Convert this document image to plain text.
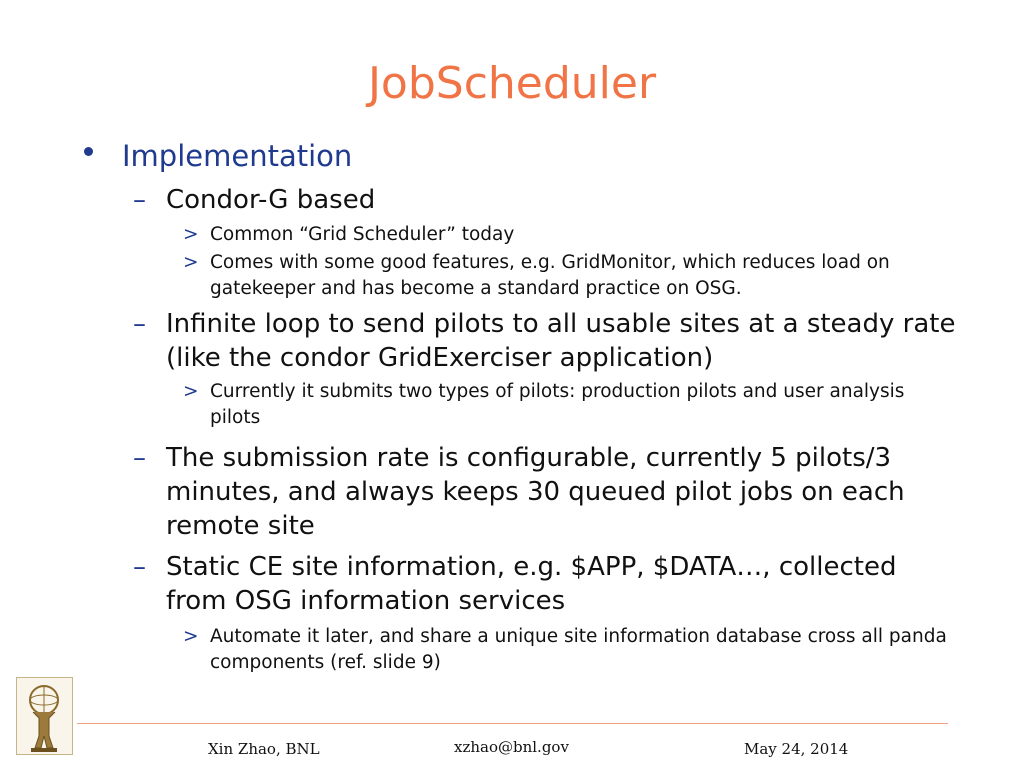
JobScheduler
Implementation
– Condor-G based
> Common “Grid Scheduler” today
> Comes with some good features, e.g. GridMonitor, which reduces load on gatekeeper and has become a standard practice on OSG.
– Infinite loop to send pilots to all usable sites at a steady rate (like the condor GridExerciser application)
> Currently it submits two types of pilots: production pilots and user analysis pilots
– The submission rate is configurable, currently 5 pilots/3 minutes, and always keeps 30 queued pilot jobs on each remote site
– Static CE site information, e.g. $APP, $DATA…, collected from OSG information services
> Automate it later, and share a unique site information database cross all panda components (ref. slide 9)
Xin Zhao, BNL	xzhao@bnl.gov	May 24, 2014
